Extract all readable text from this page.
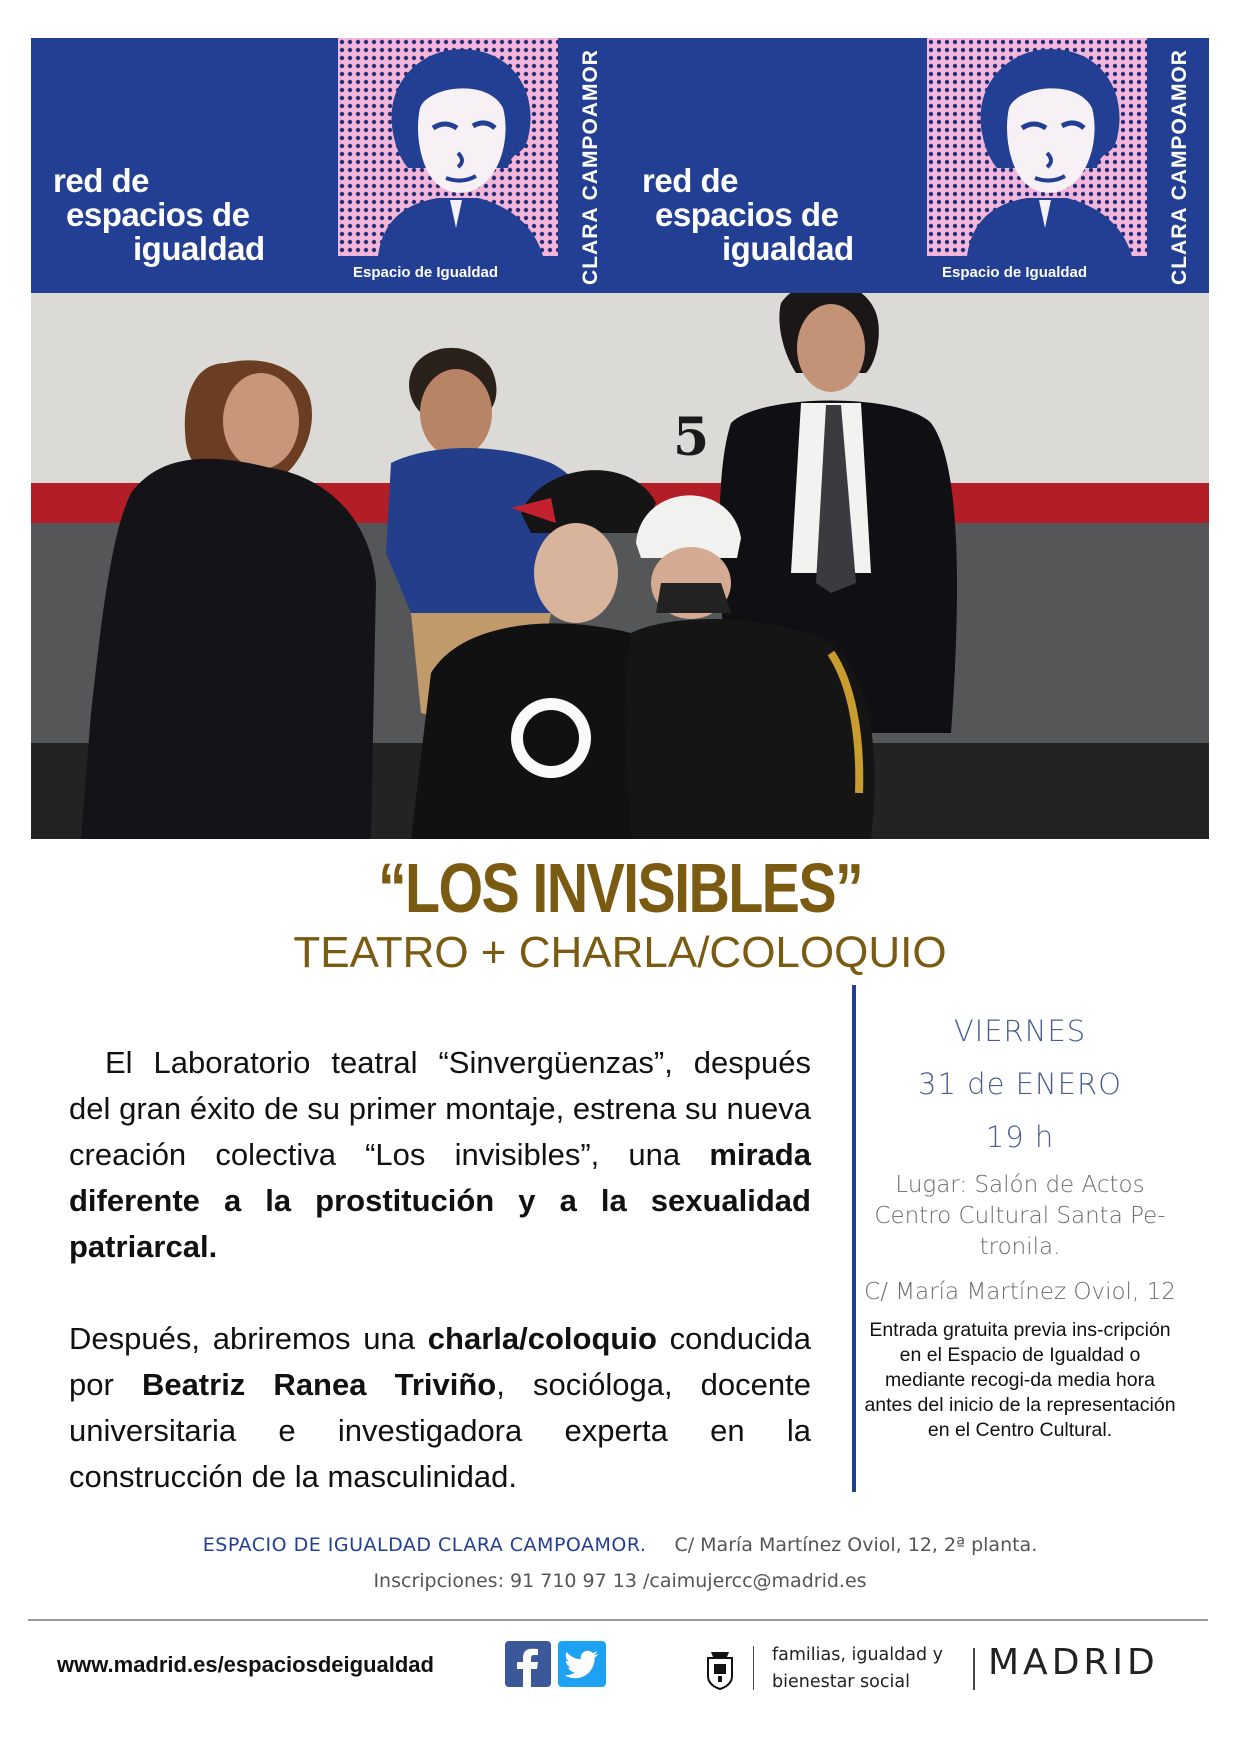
red de
espacios de
igualdad
Espacio de Igualdad	CLARA CAMPOAMOR red de
espacios de
igualdad
Espacio de Igualdad	CLARA CAMPOAMOR
5
“LOS INVISIBLES”
TEATRO + CHARLA/COLOQUIO

El Laboratorio teatral “Sinvergüenzas”, después del gran éxito de su primer montaje, estrena su nueva creación colectiva “Los invisibles”, una mirada diferente a la prostitución y a la sexualidad patriarcal.

Después, abriremos una charla/coloquio conducida por Beatriz Ranea Triviño, socióloga, docente universitaria e investigadora experta en la construcción de la masculinidad.

VIERNES
31 de ENERO
19 h
Lugar: Salón de Actos Centro Cultural Santa Pe-tronila.
C/ María Martínez Oviol, 12
Entrada gratuita previa ins-cripción en el Espacio de Igualdad o mediante recogi-da media hora antes del inicio de la representación en el Centro Cultural.
ESPACIO DE IGUALDAD CLARA CAMPOAMOR. C/ María Martínez Oviol, 12, 2ª planta.
Inscripciones: 91 710 97 13 /caimujercc@madrid.es
www.madrid.es/espaciosdeigualdad	familias, igualdad y
bienestar social	MADRID
